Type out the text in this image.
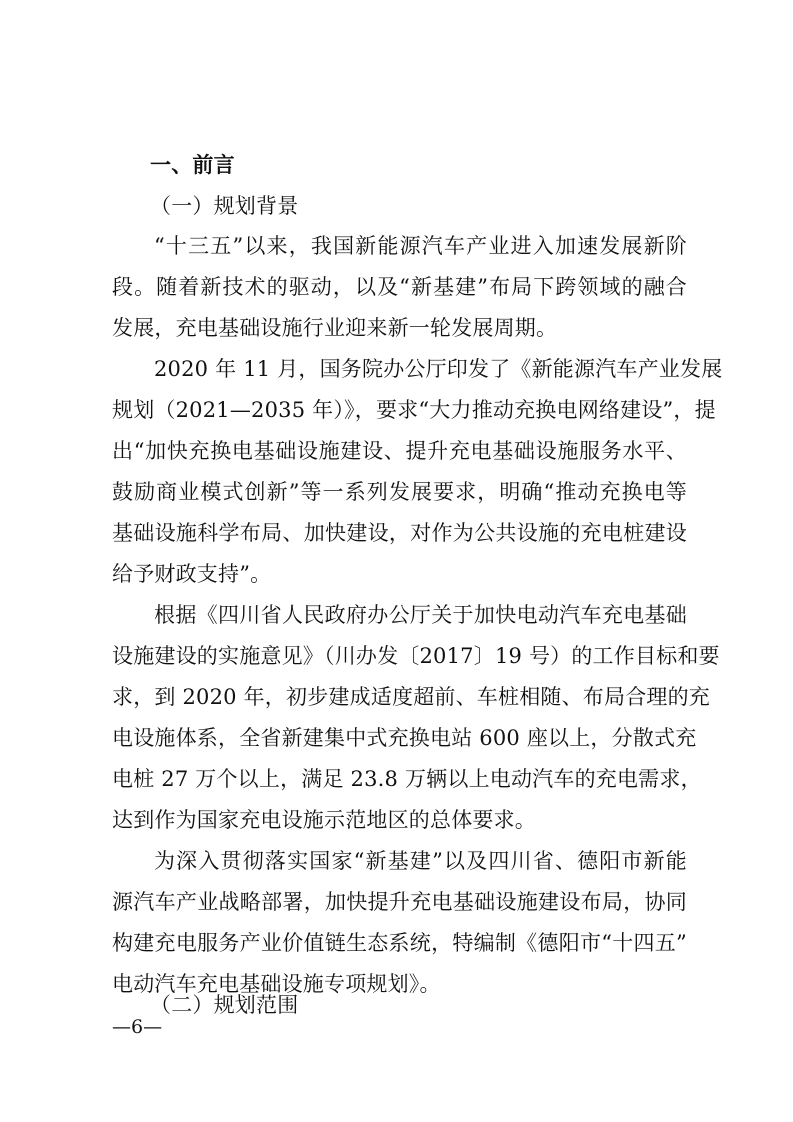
一、前言
（一）规划背景
“十三五”以来，我国新能源汽车产业进入加速发展新阶
段。随着新技术的驱动，以及“新基建”布局下跨领域的融合
发展，充电基础设施行业迎来新一轮发展周期。
2020 年 11 月，国务院办公厅印发了《新能源汽车产业发展
规划（2021—2035 年）》，要求“大力推动充换电网络建设”，提
出“加快充换电基础设施建设、提升充电基础设施服务水平、
鼓励商业模式创新”等一系列发展要求，明确“推动充换电等
基础设施科学布局、加快建设，对作为公共设施的充电桩建设
给予财政支持”。
根据《四川省人民政府办公厅关于加快电动汽车充电基础
设施建设的实施意见》（川办发〔2017〕19 号）的工作目标和要
求，到 2020 年，初步建成适度超前、车桩相随、布局合理的充
电设施体系，全省新建集中式充换电站 600 座以上，分散式充
电桩 27 万个以上，满足 23.8 万辆以上电动汽车的充电需求，
达到作为国家充电设施示范地区的总体要求。
为深入贯彻落实国家“新基建”以及四川省、德阳市新能
源汽车产业战略部署，加快提升充电基础设施建设布局，协同
构建充电服务产业价值链生态系统，特编制《德阳市“十四五”
电动汽车充电基础设施专项规划》。
（二）规划范围
—6—
